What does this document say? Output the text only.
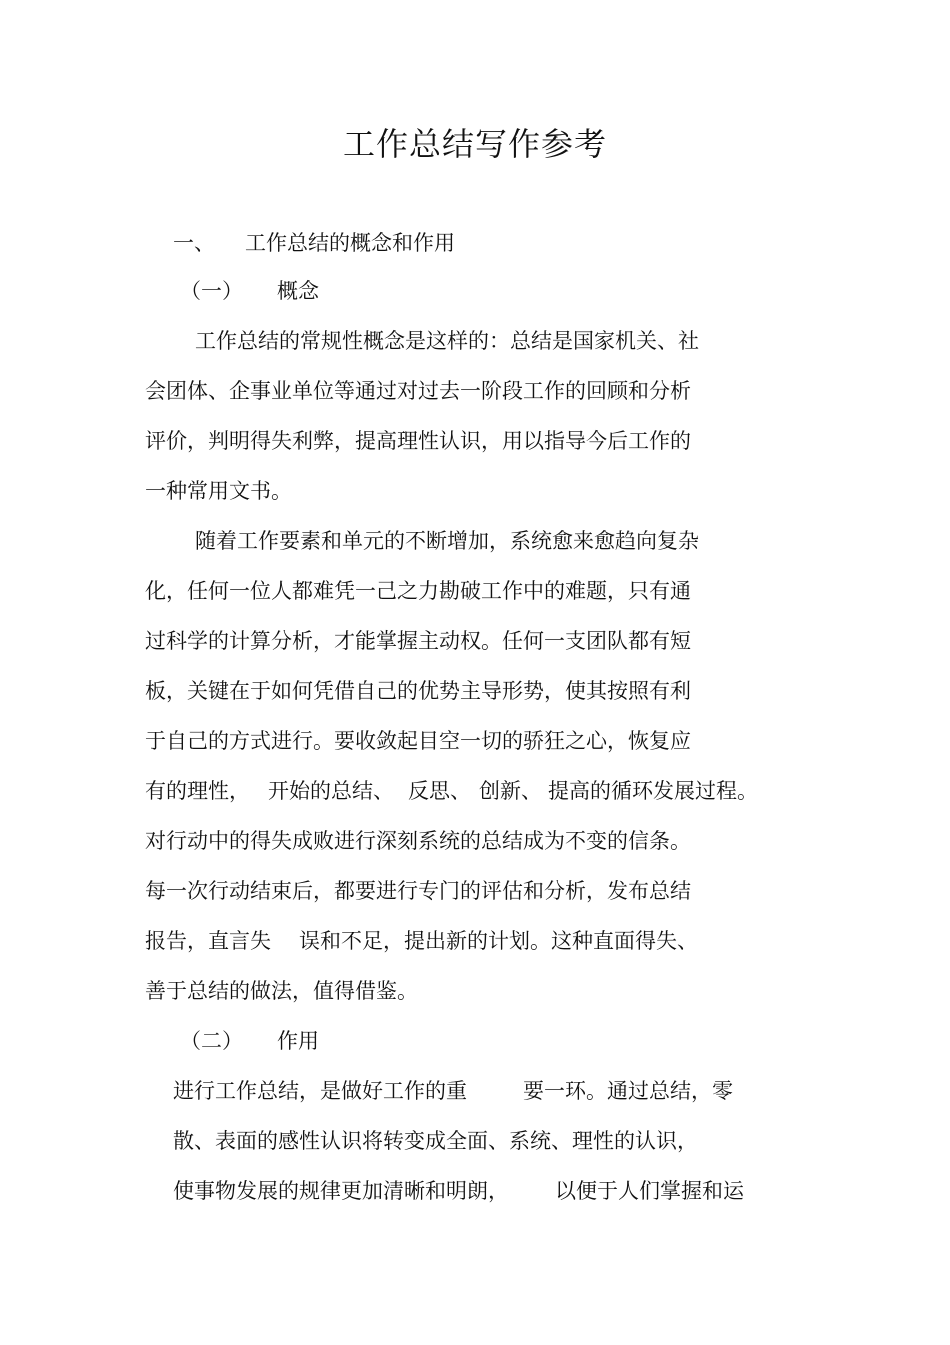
工作总结写作参考
一、 工作总结的概念和作用
（一） 概念
工作总结的常规性概念是这样的：总结是国家机关、社
会团体、企事业单位等通过对过去一阶段工作的回顾和分析
评价，判明得失利弊，提高理性认识，用以指导今后工作的
一种常用文书。
随着工作要素和单元的不断增加，系统愈来愈趋向复杂
化，任何一位人都难凭一己之力勘破工作中的难题，只有通
过科学的计算分析，才能掌握主动权。任何一支团队都有短
板，关键在于如何凭借自己的优势主导形势，使其按照有利
于自己的方式进行。要收敛起目空一切的骄狂之心，恢复应
有的理性， 开始的总结、 反思、 创新、 提高的循环发展过程。
对行动中的得失成败进行深刻系统的总结成为不变的信条。
每一次行动结束后，都要进行专门的评估和分析，发布总结
报告，直言失 误和不足，提出新的计划。这种直面得失、
善于总结的做法，值得借鉴。
（二） 作用
进行工作总结，是做好工作的重	要一环。通过总结，零
散、表面的感性认识将转变成全面、系统、理性的认识，
使事物发展的规律更加清晰和明朗， 以便于人们掌握和运
